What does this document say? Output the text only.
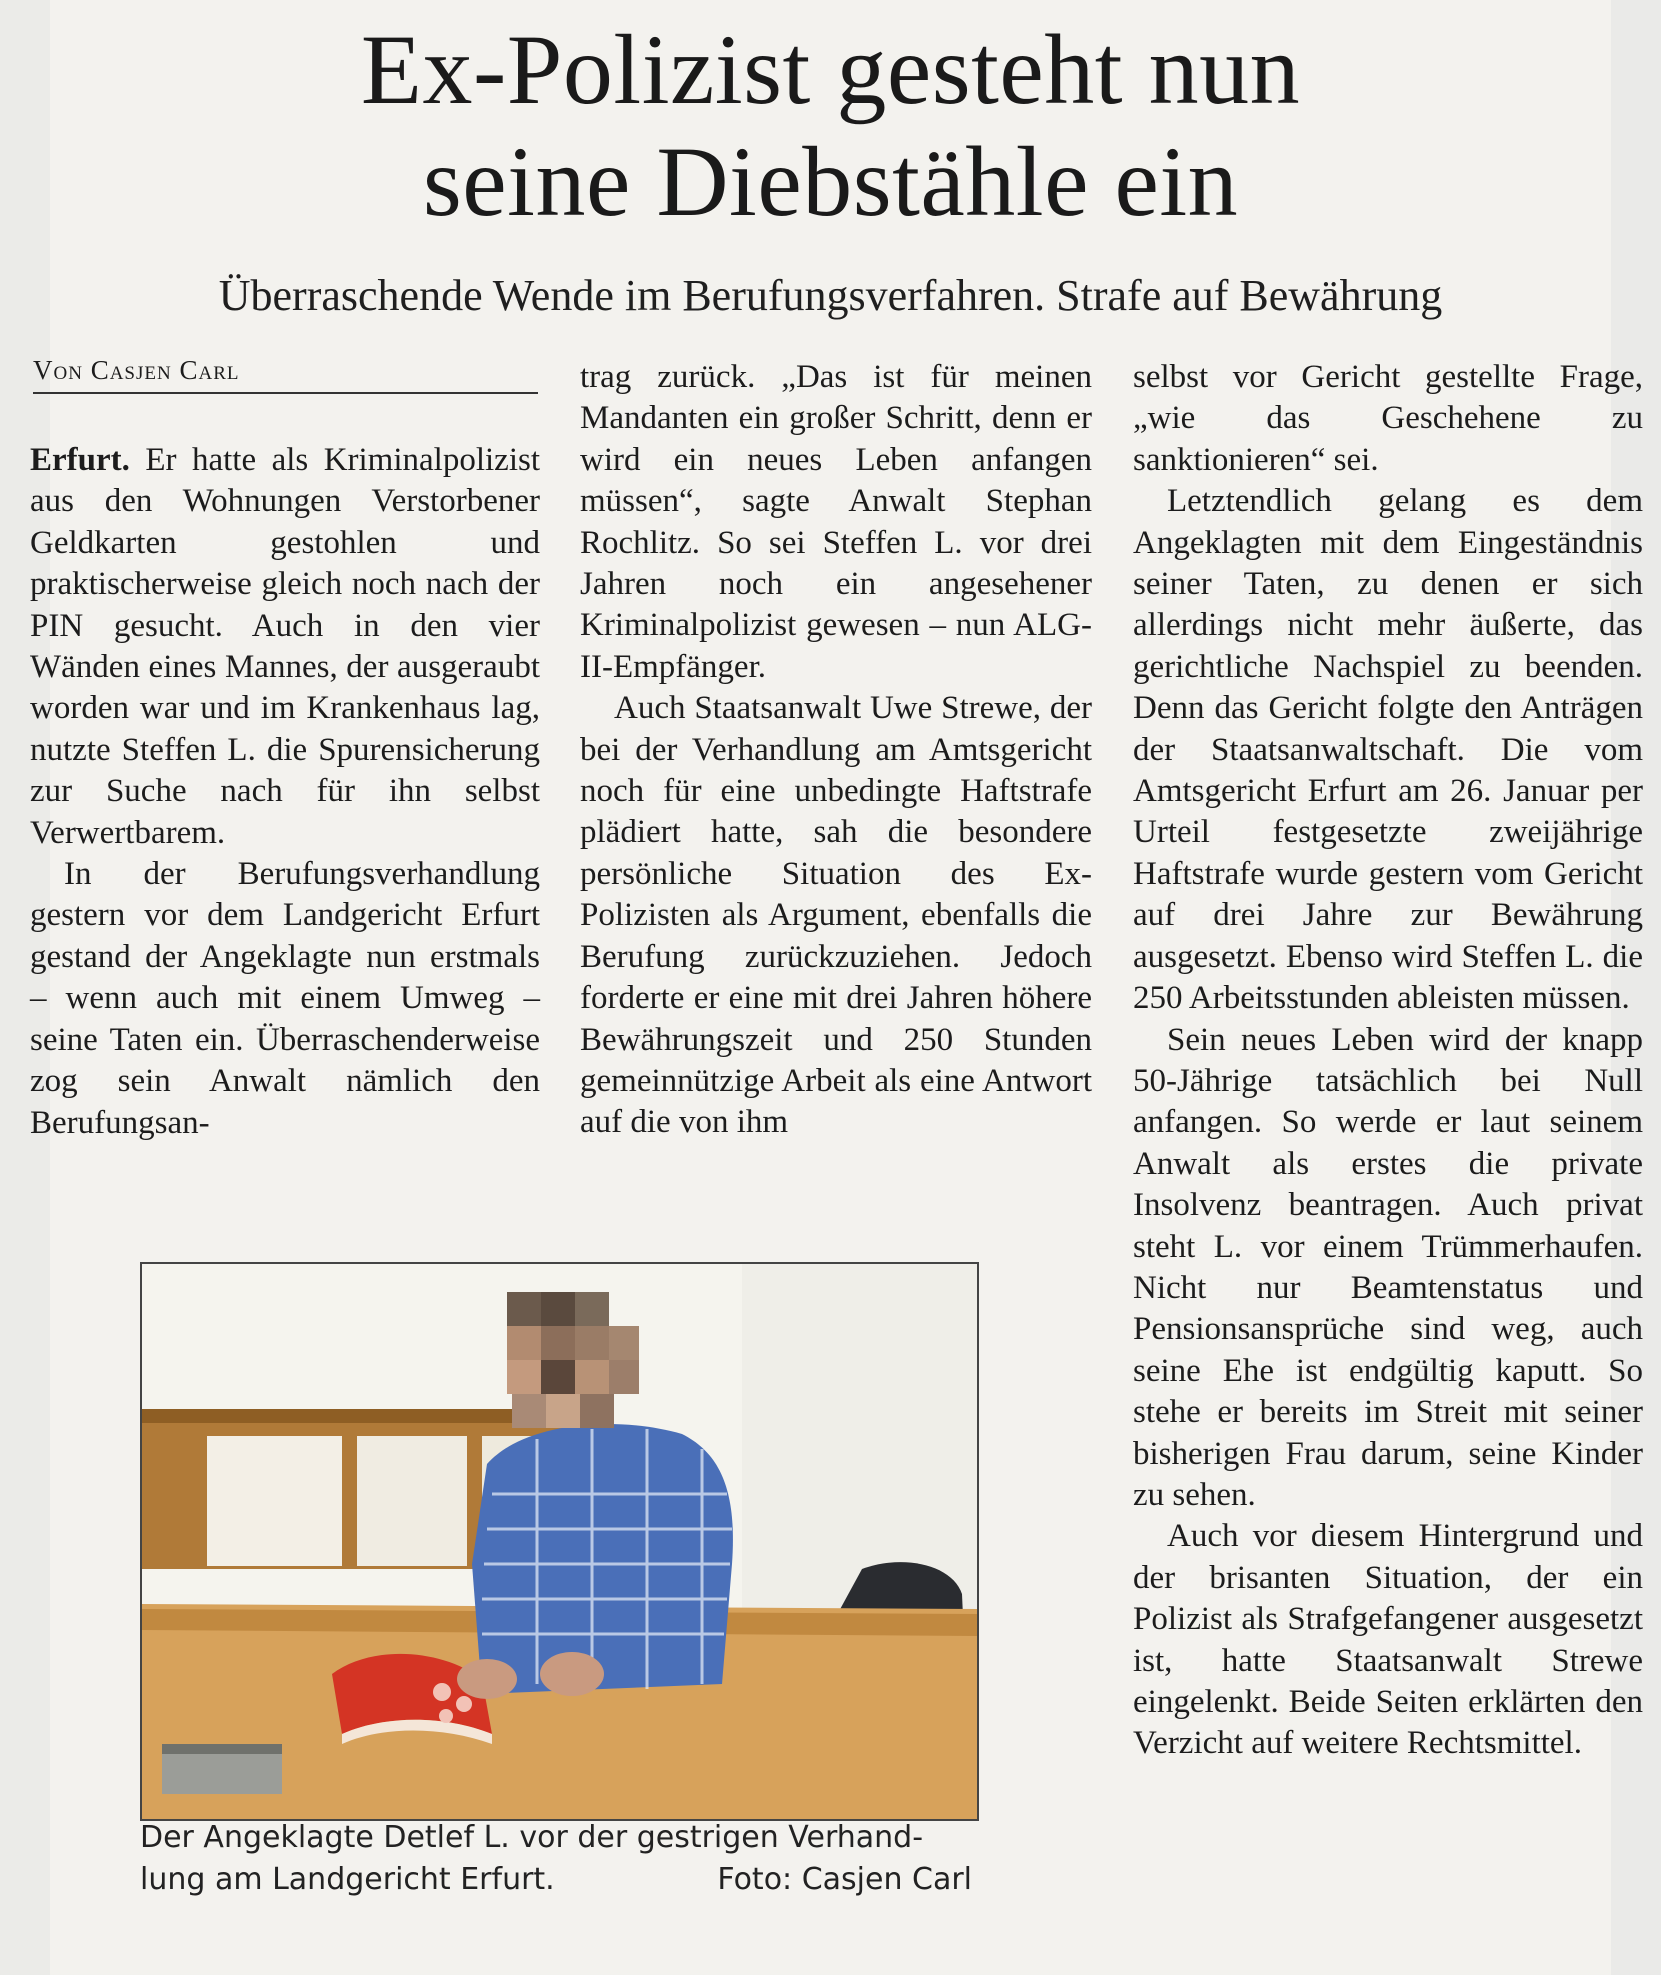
Ex-Polizist gesteht nun
seine Diebstähle ein
Überraschende Wende im Berufungsverfahren. Strafe auf Bewährung
Von Casjen Carl

Erfurt. Er hatte als Kriminalpolizist aus den Wohnungen Verstorbener Geldkarten gestohlen und praktischerweise gleich noch nach der PIN gesucht. Auch in den vier Wänden eines Mannes, der ausgeraubt worden war und im Krankenhaus lag, nutzte Steffen L. die Spurensicherung zur Suche nach für ihn selbst Verwertbarem.

In der Berufungsverhandlung gestern vor dem Landgericht Erfurt gestand der Angeklagte nun erstmals – wenn auch mit einem Umweg – seine Taten ein. Überraschenderweise zog sein Anwalt nämlich den Berufungsan-

trag zurück. „Das ist für meinen Mandanten ein großer Schritt, denn er wird ein neues Leben anfangen müssen“, sagte Anwalt Stephan Rochlitz. So sei Steffen L. vor drei Jahren noch ein angesehener Kriminalpolizist gewesen – nun ALG-II-Empfänger.

Auch Staatsanwalt Uwe Strewe, der bei der Verhandlung am Amtsgericht noch für eine unbedingte Haftstrafe plädiert hatte, sah die besondere persönliche Situation des Ex-Polizisten als Argument, ebenfalls die Berufung zurückzuziehen. Jedoch forderte er eine mit drei Jahren höhere Bewährungszeit und 250 Stunden gemeinnützige Arbeit als eine Antwort auf die von ihm

selbst vor Gericht gestellte Frage, „wie das Geschehene zu sanktionieren“ sei.

Letztendlich gelang es dem Angeklagten mit dem Eingeständnis seiner Taten, zu denen er sich allerdings nicht mehr äußerte, das gerichtliche Nachspiel zu beenden. Denn das Gericht folgte den Anträgen der Staatsanwaltschaft. Die vom Amtsgericht Erfurt am 26. Januar per Urteil festgesetzte zweijährige Haftstrafe wurde gestern vom Gericht auf drei Jahre zur Bewährung ausgesetzt. Ebenso wird Steffen L. die 250 Arbeitsstunden ableisten müssen.

Sein neues Leben wird der knapp 50-Jährige tatsächlich bei Null anfangen. So werde er laut seinem Anwalt als erstes die private Insolvenz beantragen. Auch privat steht L. vor einem Trümmerhaufen. Nicht nur Beamtenstatus und Pensionsansprüche sind weg, auch seine Ehe ist endgültig kaputt. So stehe er bereits im Streit mit seiner bisherigen Frau darum, seine Kinder zu sehen.

Auch vor diesem Hintergrund und der brisanten Situation, der ein Polizist als Strafgefangener ausgesetzt ist, hatte Staatsanwalt Strewe eingelenkt. Beide Seiten erklärten den Verzicht auf weitere Rechtsmittel.

Der Angeklagte Detlef L. vor der gestrigen Verhand-
lung am Landgericht Erfurt.	Foto: Casjen Carl
